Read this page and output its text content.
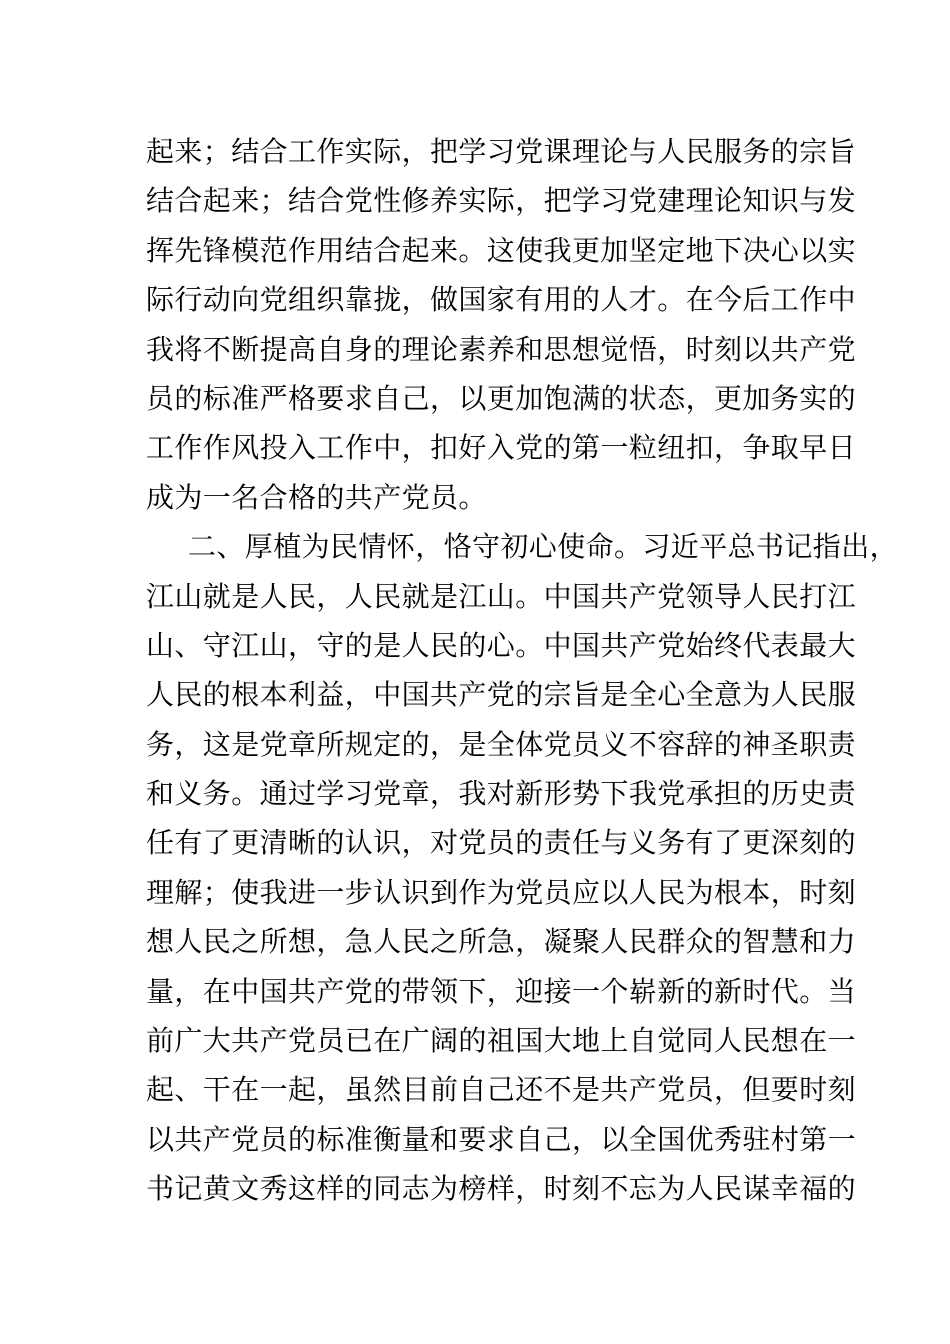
起来；结合工作实际，把学习党课理论与人民服务的宗旨
结合起来；结合党性修养实际，把学习党建理论知识与发
挥先锋模范作用结合起来。这使我更加坚定地下决心以实
际行动向党组织靠拢，做国家有用的人才。在今后工作中
我将不断提高自身的理论素养和思想觉悟，时刻以共产党
员的标准严格要求自己，以更加饱满的状态，更加务实的
工作作风投入工作中，扣好入党的第一粒纽扣，争取早日
成为一名合格的共产党员。
二、厚植为民情怀，恪守初心使命。习近平总书记指出，
江山就是人民，人民就是江山。中国共产党领导人民打江
山、守江山，守的是人民的心。中国共产党始终代表最大
人民的根本利益，中国共产党的宗旨是全心全意为人民服
务，这是党章所规定的，是全体党员义不容辞的神圣职责
和义务。通过学习党章，我对新形势下我党承担的历史责
任有了更清晰的认识，对党员的责任与义务有了更深刻的
理解；使我进一步认识到作为党员应以人民为根本，时刻
想人民之所想，急人民之所急，凝聚人民群众的智慧和力
量，在中国共产党的带领下，迎接一个崭新的新时代。当
前广大共产党员已在广阔的祖国大地上自觉同人民想在一
起、干在一起，虽然目前自己还不是共产党员，但要时刻
以共产党员的标准衡量和要求自己，以全国优秀驻村第一
书记黄文秀这样的同志为榜样，时刻不忘为人民谋幸福的
